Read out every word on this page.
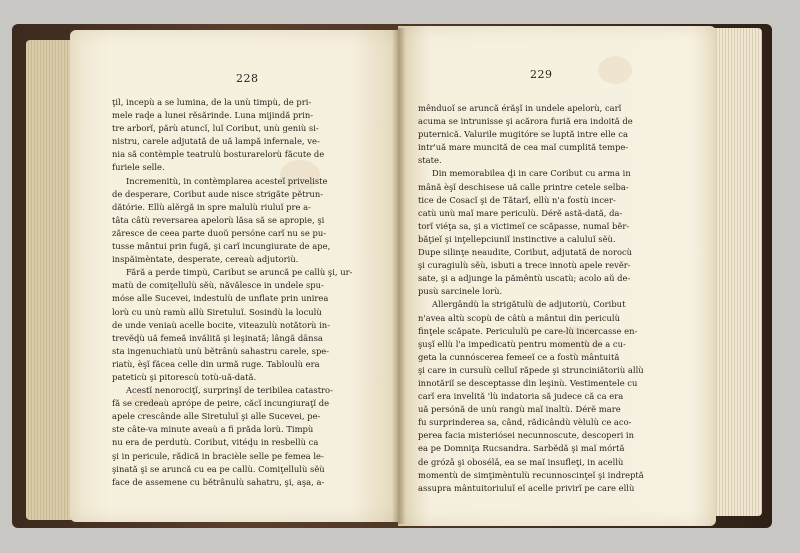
228
ţil, incepù a se lumina, de la unù timpù, de pri-
mele raḑe a lunei rĕsărinde. Luna mijindă prin-
tre arborĭ, părù atuncĭ, luĭ Coribut, unù geniù si-
nistru, carele adjutată de uă lampă infernale, ve-
nia să contèmple teatrulù bosturarelorù făcute de
furiele selle.
Incremenitù, in contèmplarea acesteĭ priveliste
de desperare, Coribut aude nisce strigăte pĕtrun-
dătórie. Ellù alĕrgă in spre malulù riuluĭ pre a-
tâta câtù reversarea apelorù lăsa să se apropie, şi
zăresce de ceea parte duoŭ persóne carĭ nu se pu-
tusse mântui prin fugă, şi carĭ incungiurate de ape,
inspăimèntate, desperate, cereaù adjutoriù.
Fără a perde timpù, Caribut se aruncă pe callù şi, ur-
matù de comiţellulù sĕù, năvălesce in undele spu-
móse alle Sucevei, indestulù de unflate prin unirea
lorù cu unù ramù allù Siretuluĭ. Sosindù la loculù
de unde veniaù acelle bocite, viteazulù notătorù in-
trevĕḑù uă femeă invălită şi leşinată; lângă dânsa
sta ingenuchiatù unù bĕtrânù sahastru carele, spe-
riatù, èşĭ făcea celle din urmă ruge. Tabloulù era
pateticù şi pitorescù totù-uă-dată.
Acestĭ nenorociţĭ, surprinşĭ de teribilea catastro-
fă se credeaù aprópe de peire, căcĭ incungiuraţĭ de
apele crescânde alle Siretuluĭ şi alle Sucevei, pe-
ste câte-va minute aveaù a fi prăda lorù. Timpù
nu era de perdutù. Coribut, vitéḑu in resbellù ca
şi in pericule, rădică in bracièle selle pe femea le-
şinată şi se aruncă cu ea pe callù. Comiţellulù sĕù
face de assemene cu bĕtrânulù sahatru, şi, aşa, a-
229
mênduoĭ se aruncă érăşĭ in undele apelorù, carĭ
acuma se intrunisse şi acărora furiă era indoită de
puternică. Valurile mugitóre se luptă intre elle ca
intr'uă mare muncită de cea maĭ cumplită tempe-
state.
Din memorabilea ḑi in care Coribut cu arma in
mână èşĭ deschisese uă calle printre cetele selba-
tice de Cosacĭ şi de Tătarĭ, ellù n'a fostù incer-
catù unù maĭ mare periculù. Dérĕ astă-dată, da-
torĭ viéţa sa, şi a victimeĭ ce scăpasse, numaĭ bĕr-
băţieĭ şi inţellepciuniĭ instinctive a caluluĭ sĕù.
Dupe silinţe neaudite, Coribut, adjutată de norocù
şi curagiulù sĕù, isbuti a trece innotù apele revĕr-
sate, şi a adjunge la pămêntù uscatù; acolo aŭ de-
pusù sarcinele lorù.
Allergândù la strigătulù de adjutoriù, Coribut
n'avea altù scopù de câtù a mântui din periculù
finţele scăpate. Pericululù pe care-lù incercasse en-
şuşĭ ellù l'a impedicatù pentru momentù de a cu-
geta la cunnóscerea femeeĭ ce a fostù mântuită
şi care in cursulù celluĭ răpede şi strunciniătoriù allù
innotăriĭ se desceptasse din leşinù. Vestimentele cu
carĭ era invelită 'lù indatoria să judece că ca era
uă persónă de unù rangù maĭ inaltù. Dérĕ mare
fu surprinderea sa, când, rădicândù vèlulù ce aco-
perea facia misteriósei necunnoscute, descoperi in
ea pe Domniţa Rucsandra. Sarbĕdă şi maĭ mórtă
de grózǎ şi obosélǎ, ea se maĭ insufleţi, in acellù
momentù de simţimèntulù recunnoscinţeĭ şi indreptă
assupra mântuitoriuluĭ eĭ acelle privirĭ pe care ellù
